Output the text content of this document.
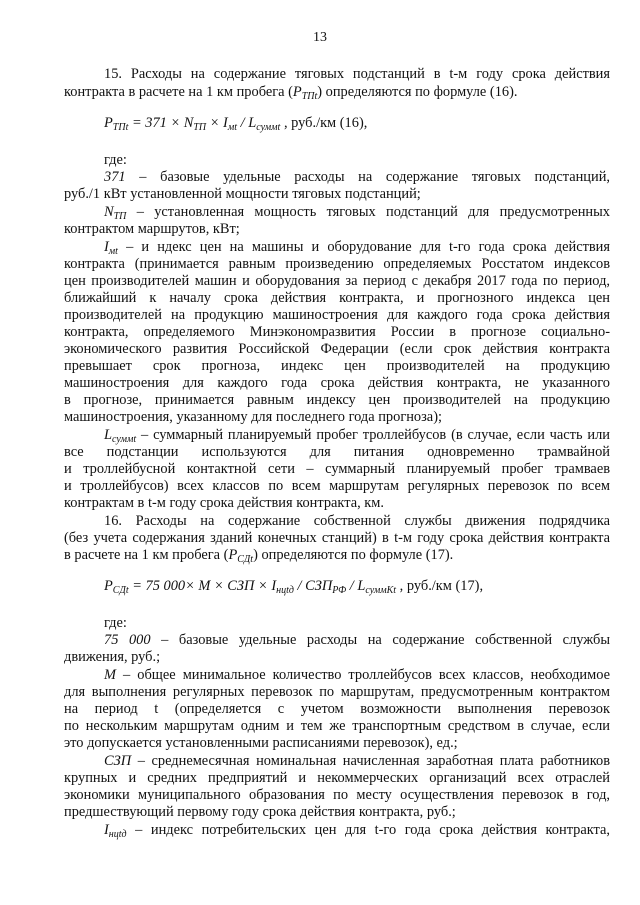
13
15. Расходы на содержание тяговых подстанций в t-м году срока действия
контракта в расчете на 1 км пробега $(P_{ТПt})$ определяются по формуле (16).
$P_{ТПt} = 371 \times N_{ТП} \times I_{мt} / L_{суммt}$ , руб./км (16),
где:
371 – базовые удельные расходы на содержание тяговых подстанций,
руб./1 кВт установленной мощности тяговых подстанций;
$N_{ТП}$ – установленная мощность тяговых подстанций для предусмотренных
контрактом маршрутов, кВт;
$I_{мt}$ – и ндекс цен на машины и оборудование для t-го года срока действия
контракта (принимается равным произведению определяемых Росстатом индексов
цен производителей машин и оборудования за период с декабря 2017 года по период,
ближайший к началу срока действия контракта, и прогнозного индекса цен
производителей на продукцию машиностроения для каждого года срока действия
контракта, определяемого Минэкономразвития России в прогнозе социально-
экономического развития Российской Федерации (если срок действия контракта
превышает срок прогноза, индекс цен производителей на продукцию
машиностроения для каждого года срока действия контракта, не указанного
в прогнозе, принимается равным индексу цен производителей на продукцию
машиностроения, указанному для последнего года прогноза);
$L_{суммt}$ – суммарный планируемый пробег троллейбусов (в случае, если часть или
все подстанции используются для питания одновременно трамвайной
и троллейбусной контактной сети – суммарный планируемый пробег трамваев
и троллейбусов) всех классов по всем маршрутам регулярных перевозок по всем
контрактам в t-м году срока действия контракта, км.
16. Расходы на содержание собственной службы движения подрядчика
(без учета содержания зданий конечных станций) в t-м году срока действия контракта
в расчете на 1 км пробега $(P_{СДt})$ определяются по формуле (17).
$P_{СДt} = 75$ 000× M × СЗП × $I_{нцtд} / СЗП_{РФ} / L_{суммКt}$ , руб./км (17),
где:
75 000 – базовые удельные расходы на содержание собственной службы
движения, руб.;
M – общее минимальное количество троллейбусов всех классов, необходимое
для выполнения регулярных перевозок по маршрутам, предусмотренным контрактом
на период t (определяется с учетом возможности выполнения перевозок
по нескольким маршрутам одним и тем же транспортным средством в случае, если
это допускается установленными расписаниями перевозок), ед.;
СЗП – среднемесячная номинальная начисленная заработная плата работников
крупных и средних предприятий и некоммерческих организаций всех отраслей
экономики муниципального образования по месту осуществления перевозок в год,
предшествующий первому году срока действия контракта, руб.;
$I_{нцtд}$ – индекс потребительских цен для t-го года срока действия контракта,
